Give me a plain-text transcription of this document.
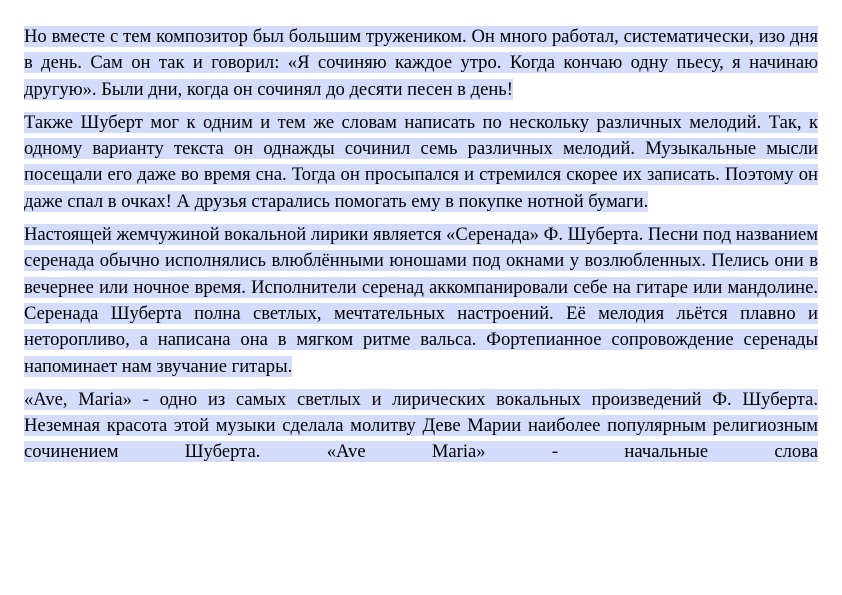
Но вместе с тем композитор был большим тружеником. Он много работал, систематически, изо дня в день. Сам он так и говорил: «Я сочиняю каждое утро. Когда кончаю одну пьесу, я начинаю другую». Были дни, когда он сочинял до десяти песен в день!

Также Шуберт мог к одним и тем же словам написать по нескольку различных мелодий. Так, к одному варианту текста он однажды сочинил семь различных мелодий. Музыкальные мысли посещали его даже во время сна. Тогда он просыпался и стремился скорее их записать. Поэтому он даже спал в очках! А друзья старались помогать ему в покупке нотной бумаги.

Настоящей жемчужиной вокальной лирики является «Серенада» Ф. Шуберта. Песни под названием серенада обычно исполнялись влюблёнными юношами под окнами у возлюбленных. Пелись они в вечернее или ночное время. Исполнители серенад аккомпанировали себе на гитаре или мандолине. Серенада Шуберта полна светлых, мечтательных настроений. Её мелодия льётся плавно и неторопливо, а написана она в мягком ритме вальса. Фортепианное сопровождение серенады напоминает нам звучание гитары.

«Ave, Maria» - одно из самых светлых и лирических вокальных произведений Ф. Шуберта. Неземная красота этой музыки сделала молитву Деве Марии наиболее популярным религиозным сочинением Шуберта. «Ave Maria» - начальные слова
